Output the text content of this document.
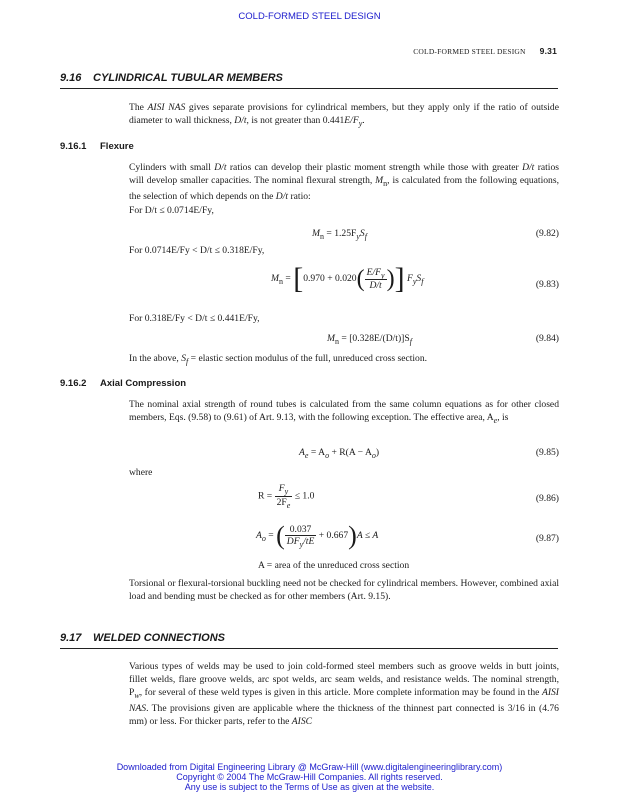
COLD-FORMED STEEL DESIGN
COLD-FORMED STEEL DESIGN 9.31
9.16 CYLINDRICAL TUBULAR MEMBERS
The AISI NAS gives separate provisions for cylindrical members, but they apply only if the ratio of outside diameter to wall thickness, D/t, is not greater than $0.441E/F_y$.
9.16.1 Flexure
Cylinders with small D/t ratios can develop their plastic moment strength while those with greater D/t ratios will develop smaller capacities. The nominal flexural strength, $M_n$, is calculated from the following equations, the selection of which depends on the D/t ratio:
For D/t ≤ 0.0714E/Fy,
$M_n = 1.25F_yS_f$	(9.82)
For 0.0714E/Fy < D/t ≤ 0.318E/Fy,
$M_n = [0.970 + 0.020( \frac{E/F_y}{D/t}$ )] $F_yS_f$	(9.83)
For 0.318E/Fy < D/t ≤ 0.441E/Fy,
$M_n = [0.328E/(D/t)]S_f$	(9.84)
In the above, $S_f$ = elastic section modulus of the full, unreduced cross section.
9.16.2 Axial Compression
The nominal axial strength of round tubes is calculated from the same column equations as for other closed members, Eqs. (9.58) to (9.61) of Art. 9.13, with the following exception. The effective area, $A_e$, is
$A_e = A_o + R(A - A_o)$	(9.85)
where
$R = \frac{F_y}{2F_e} \le 1.0$	(9.86)
$A_o$ = ( $\frac{0.037}{DF_y/tE} + 0.667)A \le A$	(9.87)
A = area of the unreduced cross section
Torsional or flexural-torsional buckling need not be checked for cylindrical members. However, combined axial load and bending must be checked as for other members (Art. 9.15).
9.17 WELDED CONNECTIONS
Various types of welds may be used to join cold-formed steel members such as groove welds in butt joints, fillet welds, flare groove welds, arc spot welds, arc seam welds, and resistance welds. The nominal strength, $P_w$, for several of these weld types is given in this article. More complete information may be found in the AISI NAS. The provisions given are applicable where the thickness of the thinnest part connected is 3/16 in (4.76 mm) or less. For thicker parts, refer to the AISC
Downloaded from Digital Engineering Library @ McGraw-Hill (www.digitalengineeringlibrary.com)
Copyright © 2004 The McGraw-Hill Companies. All rights reserved.
Any use is subject to the Terms of Use as given at the website.
